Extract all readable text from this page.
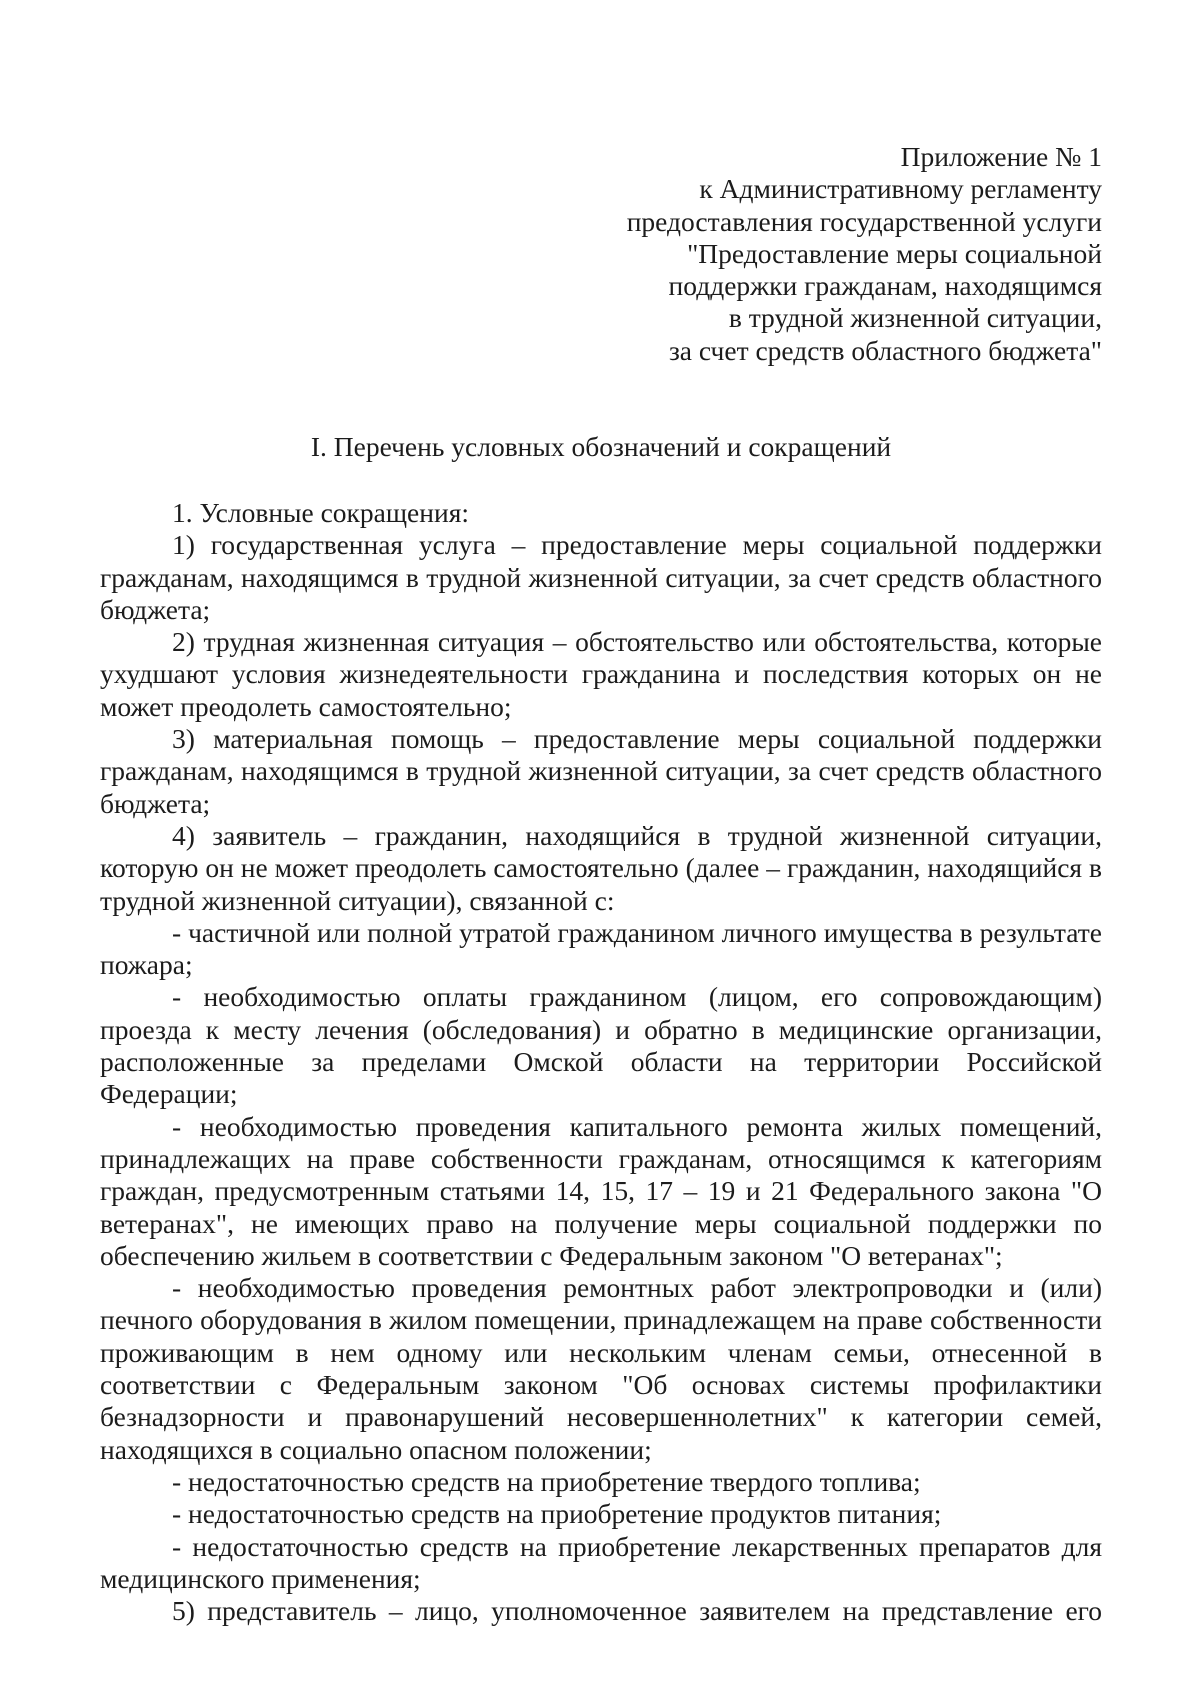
Приложение № 1
к Административному регламенту
предоставления государственной услуги
"Предоставление меры социальной
поддержки гражданам, находящимся
в трудной жизненной ситуации,
за счет средств областного бюджета"
I. Перечень условных обозначений и сокращений

1. Условные сокращения:

1) государственная услуга – предоставление меры социальной поддержки гражданам, находящимся в трудной жизненной ситуации, за счет средств областного бюджета;

2) трудная жизненная ситуация – обстоятельство или обстоятельства, которые ухудшают условия жизнедеятельности гражданина и последствия которых он не может преодолеть самостоятельно;

3) материальная помощь – предоставление меры социальной поддержки гражданам, находящимся в трудной жизненной ситуации, за счет средств областного бюджета;

4) заявитель – гражданин, находящийся в трудной жизненной ситуации, которую он не может преодолеть самостоятельно (далее – гражданин, находящийся в трудной жизненной ситуации), связанной с:

- частичной или полной утратой гражданином личного имущества в результате пожара;

- необходимостью оплаты гражданином (лицом, его сопровождающим) проезда к месту лечения (обследования) и обратно в медицинские организации, расположенные за пределами Омской области на территории Российской Федерации;

- необходимостью проведения капитального ремонта жилых помещений, принадлежащих на праве собственности гражданам, относящимся к категориям граждан, предусмотренным статьями 14, 15, 17 – 19 и 21 Федерального закона "О ветеранах", не имеющих право на получение меры социальной поддержки по обеспечению жильем в соответствии с Федеральным законом "О ветеранах";

- необходимостью проведения ремонтных работ электропроводки и (или) печного оборудования в жилом помещении, принадлежащем на праве собственности проживающим в нем одному или нескольким членам семьи, отнесенной в соответствии с Федеральным законом "Об основах системы профилактики безнадзорности и правонарушений несовершеннолетних" к категории семей, находящихся в социально опасном положении;

- недостаточностью средств на приобретение твердого топлива;

- недостаточностью средств на приобретение продуктов питания;

- недостаточностью средств на приобретение лекарственных препаратов для медицинского применения;

5) представитель – лицо, уполномоченное заявителем на представление его
